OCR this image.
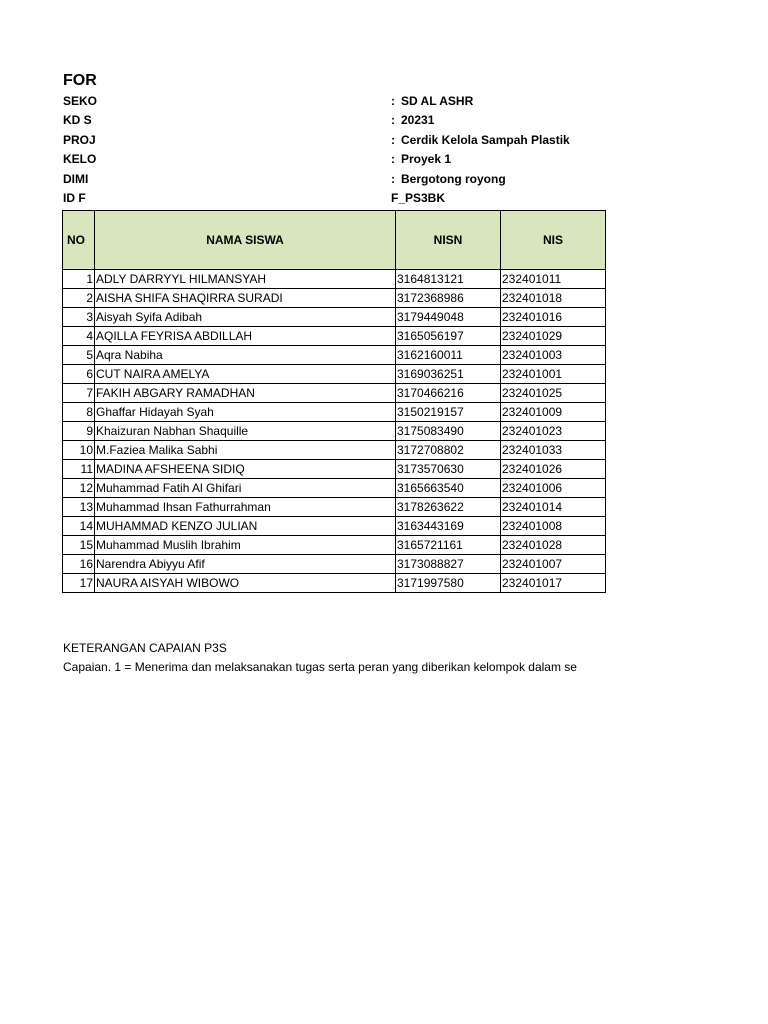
FOR
SEKO	: SD AL ASHR
KD S	: 20231
PROJ	: Cerdik Kelola Sampah Plastik
KELO	: Proyek 1
DIMI	: Bergotong royong
ID F	F_PS3BK
NO	NAMA SISWA	NISN	NIS
1	ADLY DARRYYL HILMANSYAH	3164813121	232401011
2	AISHA SHIFA SHAQIRRA SURADI	3172368986	232401018
3	Aisyah Syifa Adibah	3179449048	232401016
4	AQILLA FEYRISA ABDILLAH	3165056197	232401029
5	Aqra Nabiha	3162160011	232401003
6	CUT NAIRA AMELYA	3169036251	232401001
7	FAKIH ABGARY RAMADHAN	3170466216	232401025
8	Ghaffar Hidayah Syah	3150219157	232401009
9	Khaizuran Nabhan Shaquille	3175083490	232401023
10	M.Faziea Malika Sabhi	3172708802	232401033
11	MADINA AFSHEENA SIDIQ	3173570630	232401026
12	Muhammad Fatih Al Ghifari	3165663540	232401006
13	Muhammad Ihsan Fathurrahman	3178263622	232401014
14	MUHAMMAD KENZO JULIAN	3163443169	232401008
15	Muhammad Muslih Ibrahim	3165721161	232401028
16	Narendra Abiyyu Afif	3173088827	232401007
17	NAURA AISYAH WIBOWO	3171997580	232401017
KETERANGAN CAPAIAN P3S
Capaian. 1 = Menerima dan melaksanakan tugas serta peran yang diberikan kelompok dalam se
